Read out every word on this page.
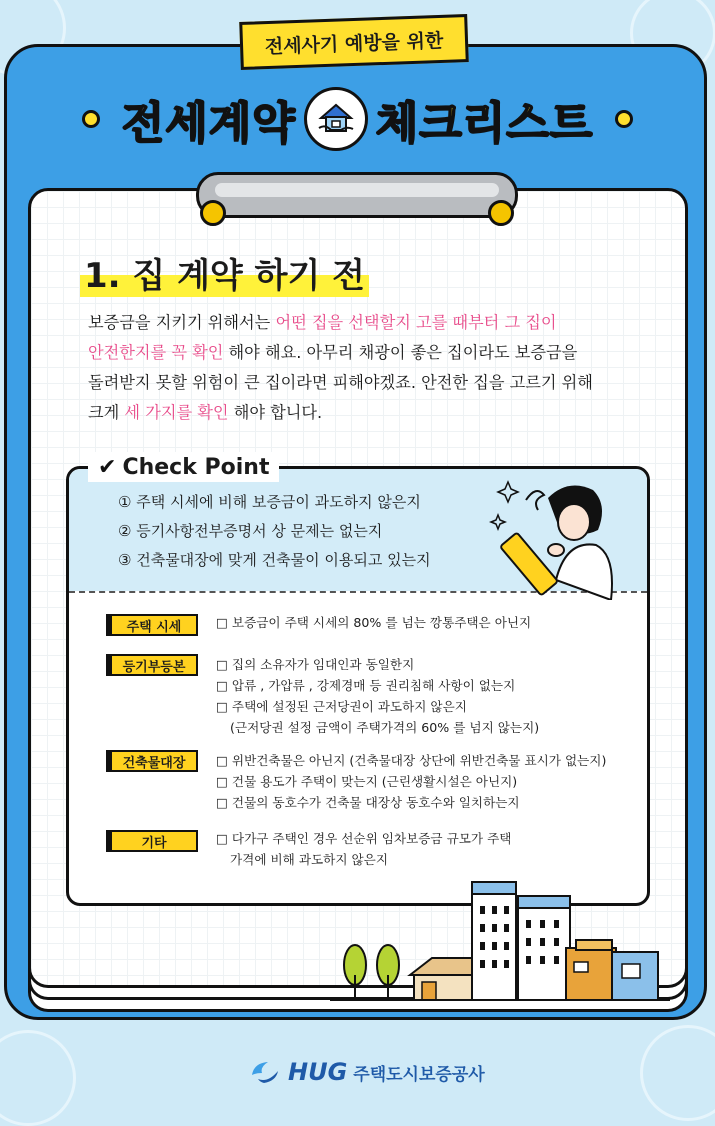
전세사기 예방을 위한
전세계약 체크리스트
1. 집 계약 하기 전
보증금을 지키기 위해서는 어떤 집을 선택할지 고를 때부터 그 집이
안전한지를 꼭 확인 해야 해요. 아무리 채광이 좋은 집이라도 보증금을
돌려받지 못할 위험이 큰 집이라면 피해야겠죠. 안전한 집을 고르기 위해
크게 세 가지를 확인 해야 합니다.
✔ Check Point
① 주택 시세에 비해 보증금이 과도하지 않은지
② 등기사항전부증명서 상 문제는 없는지
③ 건축물대장에 맞게 건축물이 이용되고 있는지
주택 시세	□ 보증금이 주택 시세의 80% 를 넘는 깡통주택은 아닌지
등기부등본	□ 집의 소유자가 임대인과 동일한지
□ 압류 , 가압류 , 강제경매 등 권리침해 사항이 없는지
□ 주택에 설정된 근저당권이 과도하지 않은지
(근저당권 설정 금액이 주택가격의 60% 를 넘지 않는지)
건축물대장	□ 위반건축물은 아닌지 (건축물대장 상단에 위반건축물 표시가 없는지)
□ 건물 용도가 주택이 맞는지 (근린생활시설은 아닌지)
□ 건물의 동호수가 건축물 대장상 동호수와 일치하는지
기타	□ 다가구 주택인 경우 선순위 임차보증금 규모가 주택
가격에 비해 과도하지 않은지
HUG 주택도시보증공사
